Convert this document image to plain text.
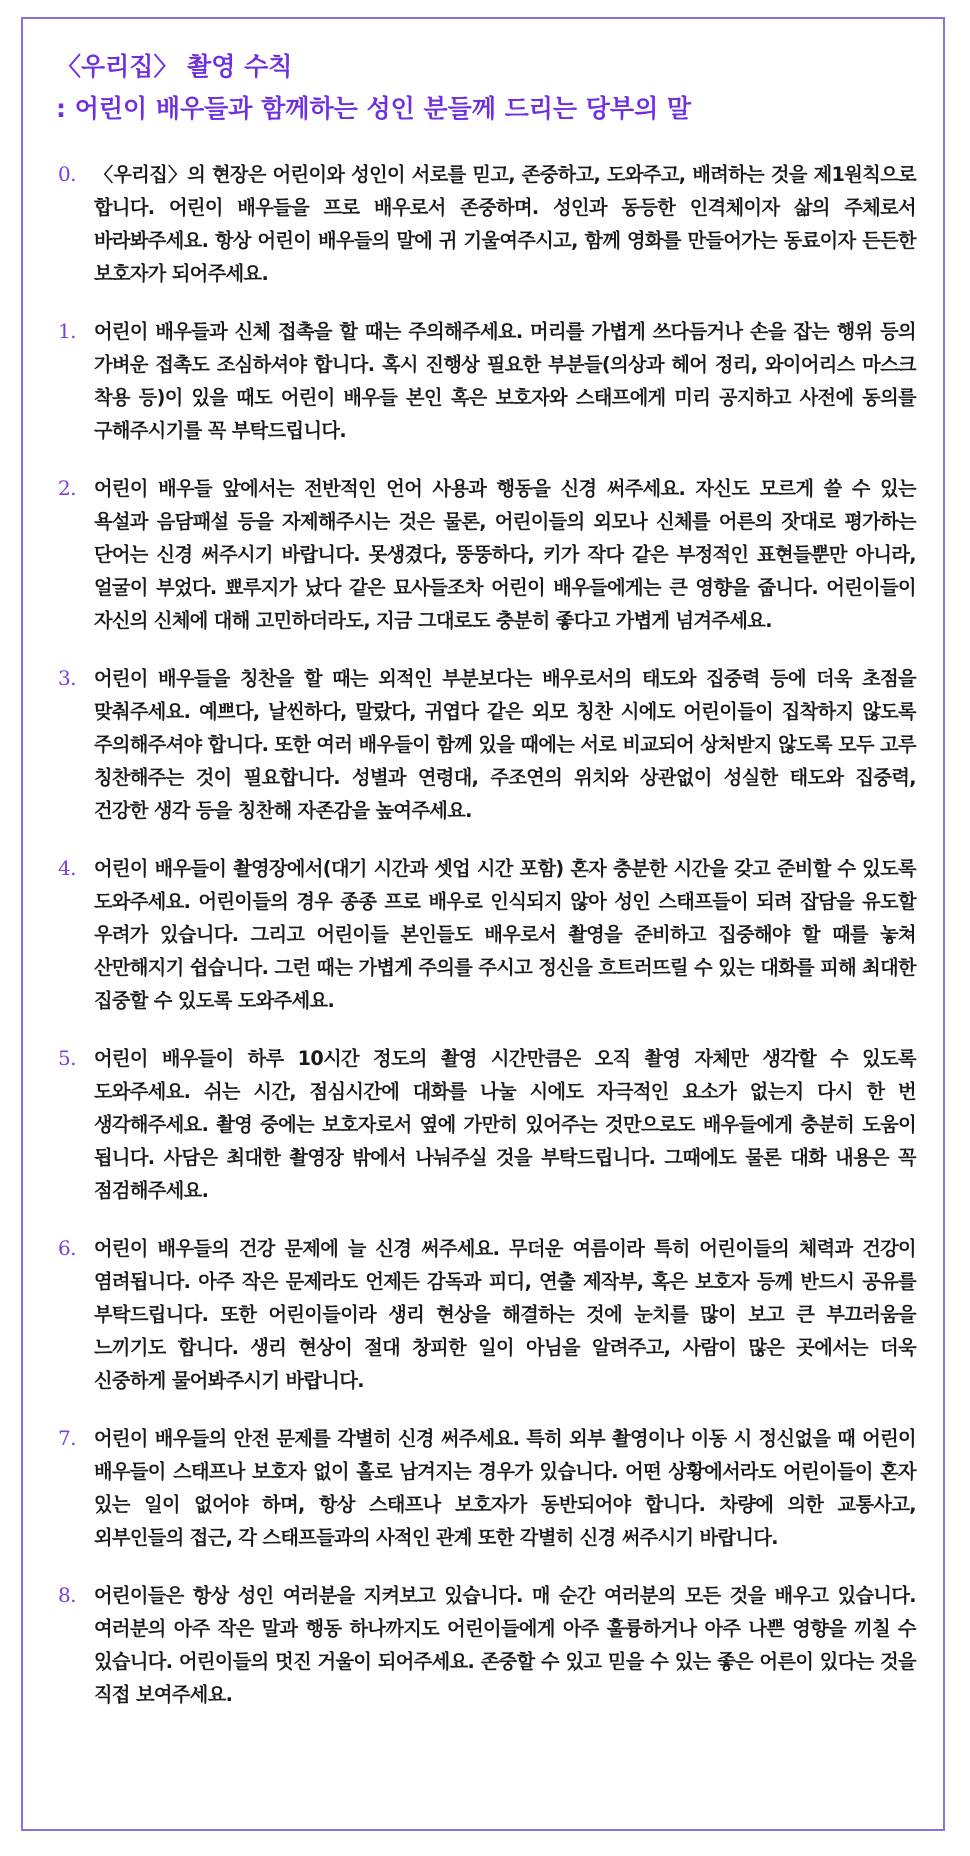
〈우리집〉 촬영 수칙
: 어린이 배우들과 함께하는 성인 분들께 드리는 당부의 말
0. 〈우리집〉의 현장은 어린이와 성인이 서로를 믿고, 존중하고, 도와주고, 배려하는 것을 제1원칙으로 합니다. 어린이 배우들을 프로 배우로서 존중하며. 성인과 동등한 인격체이자 삶의 주체로서 바라봐주세요. 항상 어린이 배우들의 말에 귀 기울여주시고, 함께 영화를 만들어가는 동료이자 든든한 보호자가 되어주세요.
1. 어린이 배우들과 신체 접촉을 할 때는 주의해주세요. 머리를 가볍게 쓰다듬거나 손을 잡는 행위 등의 가벼운 접촉도 조심하셔야 합니다. 혹시 진행상 필요한 부분들(의상과 헤어 정리, 와이어리스 마스크 착용 등)이 있을 때도 어린이 배우들 본인 혹은 보호자와 스태프에게 미리 공지하고 사전에 동의를 구해주시기를 꼭 부탁드립니다.
2. 어린이 배우들 앞에서는 전반적인 언어 사용과 행동을 신경 써주세요. 자신도 모르게 쓸 수 있는 욕설과 음담패설 등을 자제해주시는 것은 물론, 어린이들의 외모나 신체를 어른의 잣대로 평가하는 단어는 신경 써주시기 바랍니다. 못생겼다, 뚱뚱하다, 키가 작다 같은 부정적인 표현들뿐만 아니라, 얼굴이 부었다. 뾰루지가 났다 같은 묘사들조차 어린이 배우들에게는 큰 영향을 줍니다. 어린이들이 자신의 신체에 대해 고민하더라도, 지금 그대로도 충분히 좋다고 가볍게 넘겨주세요.
3. 어린이 배우들을 칭찬을 할 때는 외적인 부분보다는 배우로서의 태도와 집중력 등에 더욱 초점을 맞춰주세요. 예쁘다, 날씬하다, 말랐다, 귀엽다 같은 외모 칭찬 시에도 어린이들이 집착하지 않도록 주의해주셔야 합니다. 또한 여러 배우들이 함께 있을 때에는 서로 비교되어 상처받지 않도록 모두 고루 칭찬해주는 것이 필요합니다. 성별과 연령대, 주조연의 위치와 상관없이 성실한 태도와 집중력, 건강한 생각 등을 칭찬해 자존감을 높여주세요.
4. 어린이 배우들이 촬영장에서(대기 시간과 셋업 시간 포함) 혼자 충분한 시간을 갖고 준비할 수 있도록 도와주세요. 어린이들의 경우 종종 프로 배우로 인식되지 않아 성인 스태프들이 되려 잡담을 유도할 우려가 있습니다. 그리고 어린이들 본인들도 배우로서 촬영을 준비하고 집중해야 할 때를 놓쳐 산만해지기 쉽습니다. 그런 때는 가볍게 주의를 주시고 정신을 흐트러뜨릴 수 있는 대화를 피해 최대한 집중할 수 있도록 도와주세요.
5. 어린이 배우들이 하루 10시간 정도의 촬영 시간만큼은 오직 촬영 자체만 생각할 수 있도록 도와주세요. 쉬는 시간, 점심시간에 대화를 나눌 시에도 자극적인 요소가 없는지 다시 한 번 생각해주세요. 촬영 중에는 보호자로서 옆에 가만히 있어주는 것만으로도 배우들에게 충분히 도움이 됩니다. 사담은 최대한 촬영장 밖에서 나눠주실 것을 부탁드립니다. 그때에도 물론 대화 내용은 꼭 점검해주세요.
6. 어린이 배우들의 건강 문제에 늘 신경 써주세요. 무더운 여름이라 특히 어린이들의 체력과 건강이 염려됩니다. 아주 작은 문제라도 언제든 감독과 피디, 연출 제작부, 혹은 보호자 등께 반드시 공유를 부탁드립니다. 또한 어린이들이라 생리 현상을 해결하는 것에 눈치를 많이 보고 큰 부끄러움을 느끼기도 합니다. 생리 현상이 절대 창피한 일이 아님을 알려주고, 사람이 많은 곳에서는 더욱 신중하게 물어봐주시기 바랍니다.
7. 어린이 배우들의 안전 문제를 각별히 신경 써주세요. 특히 외부 촬영이나 이동 시 정신없을 때 어린이 배우들이 스태프나 보호자 없이 홀로 남겨지는 경우가 있습니다. 어떤 상황에서라도 어린이들이 혼자 있는 일이 없어야 하며, 항상 스태프나 보호자가 동반되어야 합니다. 차량에 의한 교통사고, 외부인들의 접근, 각 스태프들과의 사적인 관계 또한 각별히 신경 써주시기 바랍니다.
8. 어린이들은 항상 성인 여러분을 지켜보고 있습니다. 매 순간 여러분의 모든 것을 배우고 있습니다. 여러분의 아주 작은 말과 행동 하나까지도 어린이들에게 아주 훌륭하거나 아주 나쁜 영향을 끼칠 수 있습니다. 어린이들의 멋진 거울이 되어주세요. 존중할 수 있고 믿을 수 있는 좋은 어른이 있다는 것을 직접 보여주세요.
